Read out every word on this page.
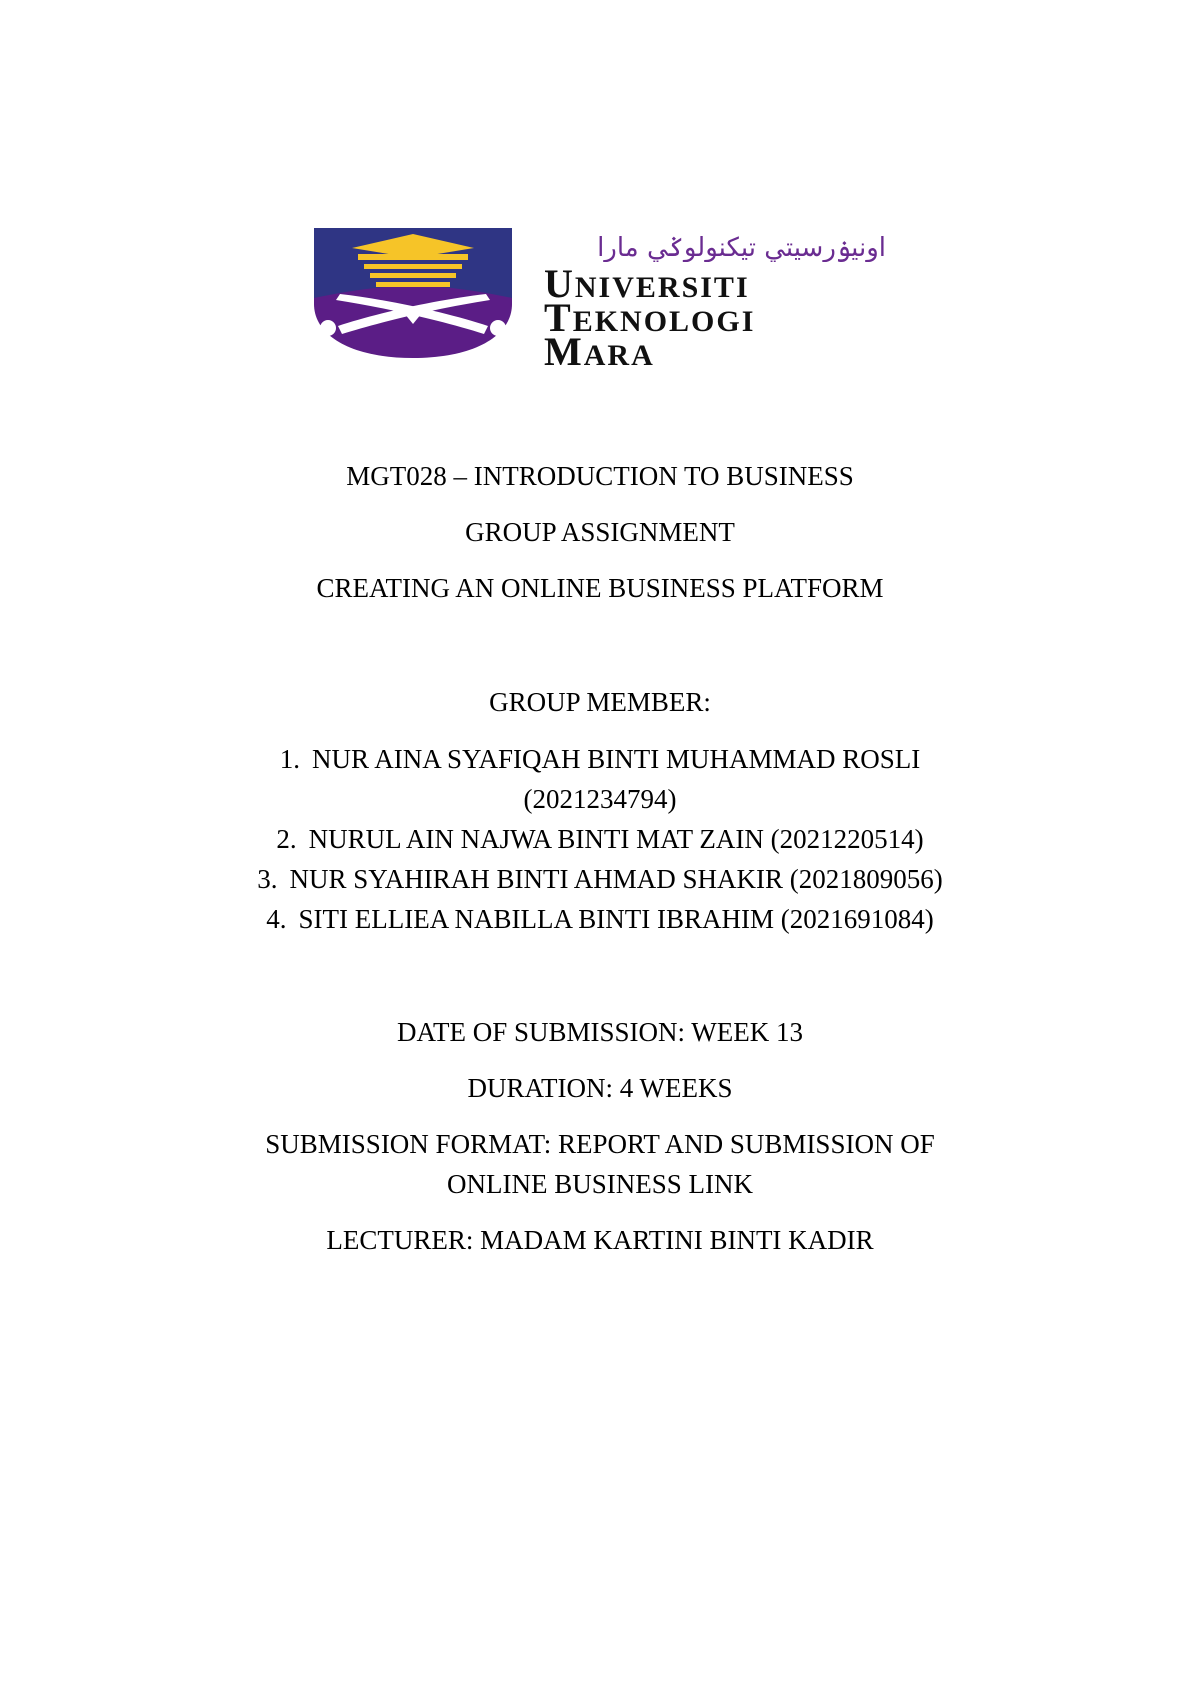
اونيۏرسيتي تيكنولوݢي مارا
UNIVERSITI
TEKNOLOGI
MARA
MGT028 – INTRODUCTION TO BUSINESS
GROUP ASSIGNMENT
CREATING AN ONLINE BUSINESS PLATFORM
GROUP MEMBER:
1. NUR AINA SYAFIQAH BINTI MUHAMMAD ROSLI
(2021234794)
2. NURUL AIN NAJWA BINTI MAT ZAIN (2021220514)
3. NUR SYAHIRAH BINTI AHMAD SHAKIR (2021809056)
4. SITI ELLIEA NABILLA BINTI IBRAHIM (2021691084)
DATE OF SUBMISSION: WEEK 13
DURATION: 4 WEEKS
SUBMISSION FORMAT: REPORT AND SUBMISSION OF
ONLINE BUSINESS LINK
LECTURER: MADAM KARTINI BINTI KADIR
